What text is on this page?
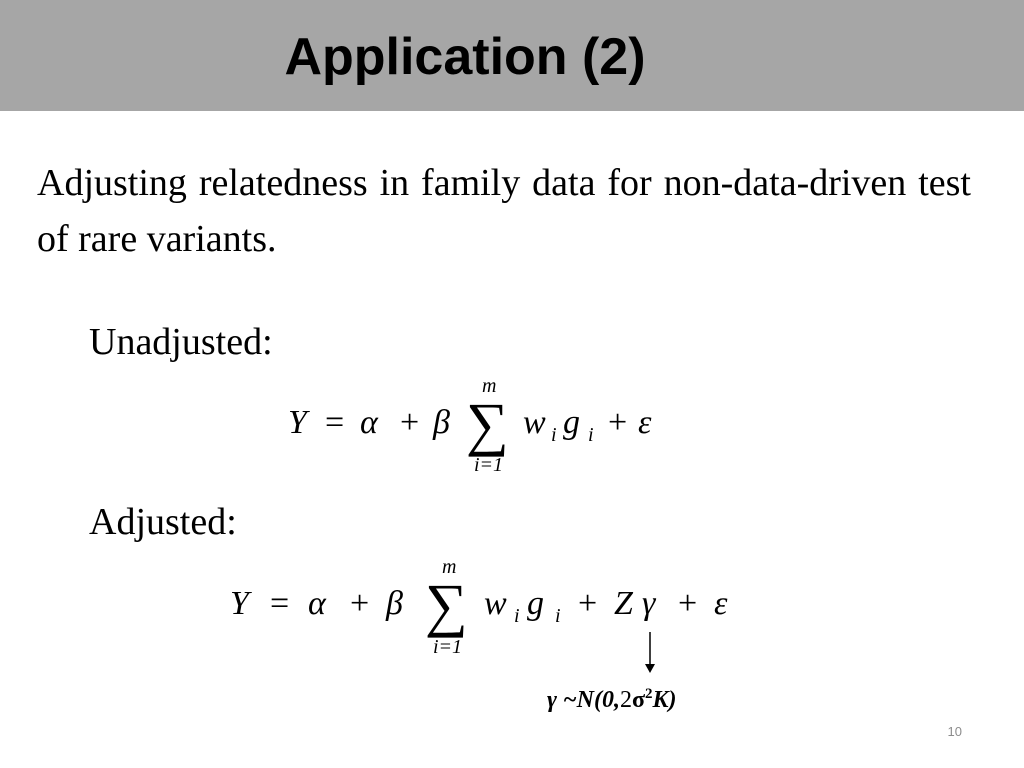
Application (2)
Adjusting relatedness in family data for non-data-driven test of rare variants.
Unadjusted:
Y = α + β
m
∑
i=1
w i g i + ε
Adjusted:
Y = α + β
m
∑
i=1
w i g i + Z γ + ε
γ $\sim N(0,2\sigma^2K)$
10
